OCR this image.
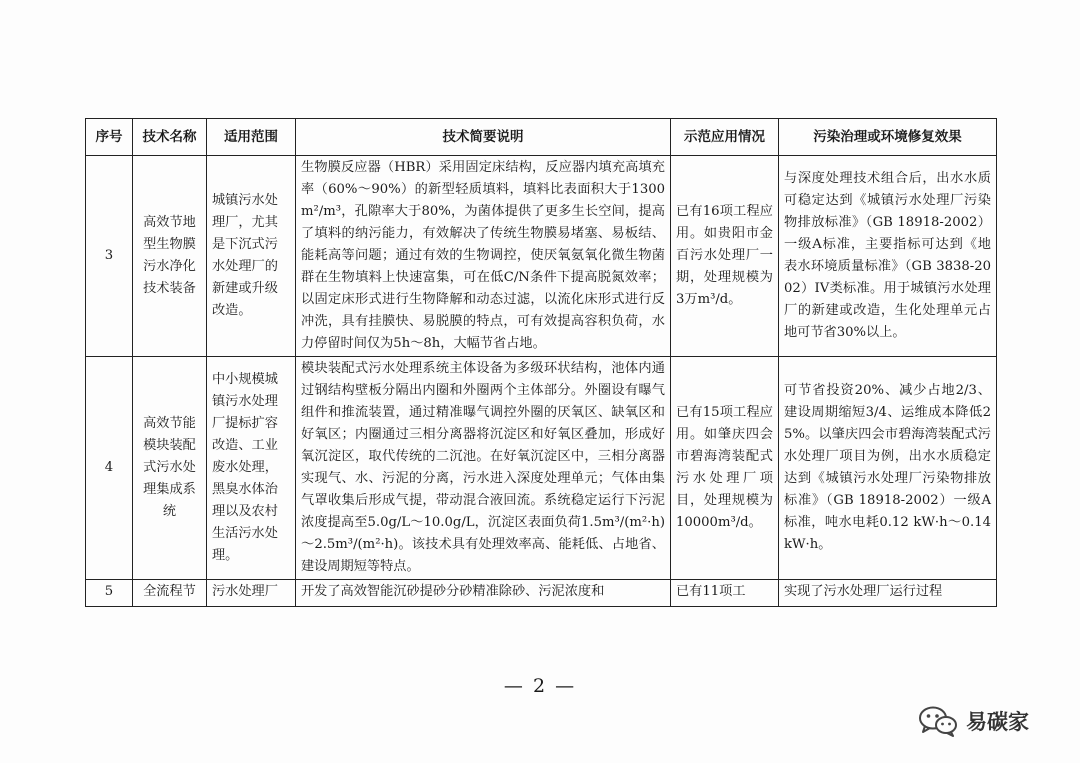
序号	技术名称	适用范围	技术简要说明	示范应用情况	污染治理或环境修复效果
3	高效节地型生物膜污水净化技术装备	城镇污水处理厂，尤其是下沉式污水处理厂的新建或升级改造。	生物膜反应器（HBR）采用固定床结构，反应器内填充高填充率（60%～90%）的新型轻质填料，填料比表面积大于1300m²/m³，孔隙率大于80%，为菌体提供了更多生长空间，提高了填料的纳污能力，有效解决了传统生物膜易堵塞、易板结、能耗高等问题；通过有效的生物调控，使厌氧氨氧化微生物菌群在生物填料上快速富集，可在低C/N条件下提高脱氮效率；以固定床形式进行生物降解和动态过滤，以流化床形式进行反冲洗，具有挂膜快、易脱膜的特点，可有效提高容积负荷，水力停留时间仅为5h～8h，大幅节省占地。	已有16项工程应用。如贵阳市金百污水处理厂一期，处理规模为3万m³/d。	与深度处理技术组合后，出水水质可稳定达到《城镇污水处理厂污染物排放标准》（GB 18918-2002）一级A标准，主要指标可达到《地表水环境质量标准》（GB 3838-2002）IV类标准。用于城镇污水处理厂的新建或改造，生化处理单元占地可节省30%以上。
4	高效节能模块装配式污水处理集成系统	中小规模城镇污水处理厂提标扩容改造、工业废水处理，黑臭水体治理以及农村生活污水处理。	模块装配式污水处理系统主体设备为多级环状结构，池体内通过钢结构壁板分隔出内圈和外圈两个主体部分。外圈设有曝气组件和推流装置，通过精准曝气调控外圈的厌氧区、缺氧区和好氧区；内圈通过三相分离器将沉淀区和好氧区叠加，形成好氧沉淀区，取代传统的二沉池。在好氧沉淀区中，三相分离器实现气、水、污泥的分离，污水进入深度处理单元；气体由集气罩收集后形成气提，带动混合液回流。系统稳定运行下污泥浓度提高至5.0g/L～10.0g/L，沉淀区表面负荷1.5m³/(m²·h)～2.5m³/(m²·h)。该技术具有处理效率高、能耗低、占地省、建设周期短等特点。	已有15项工程应用。如肇庆四会市碧海湾装配式污水处理厂项目，处理规模为10000m³/d。	可节省投资20%、减少占地2/3、建设周期缩短3/4、运维成本降低25%。以肇庆四会市碧海湾装配式污水处理厂项目为例，出水水质稳定达到《城镇污水处理厂污染物排放标准》（GB 18918-2002）一级A标准，吨水电耗0.12 kW·h～0.14kW·h。
5	全流程节	污水处理厂	开发了高效智能沉砂提砂分砂精准除砂、污泥浓度和	已有11项工	实现了污水处理厂运行过程
— 2 —
易碳家
